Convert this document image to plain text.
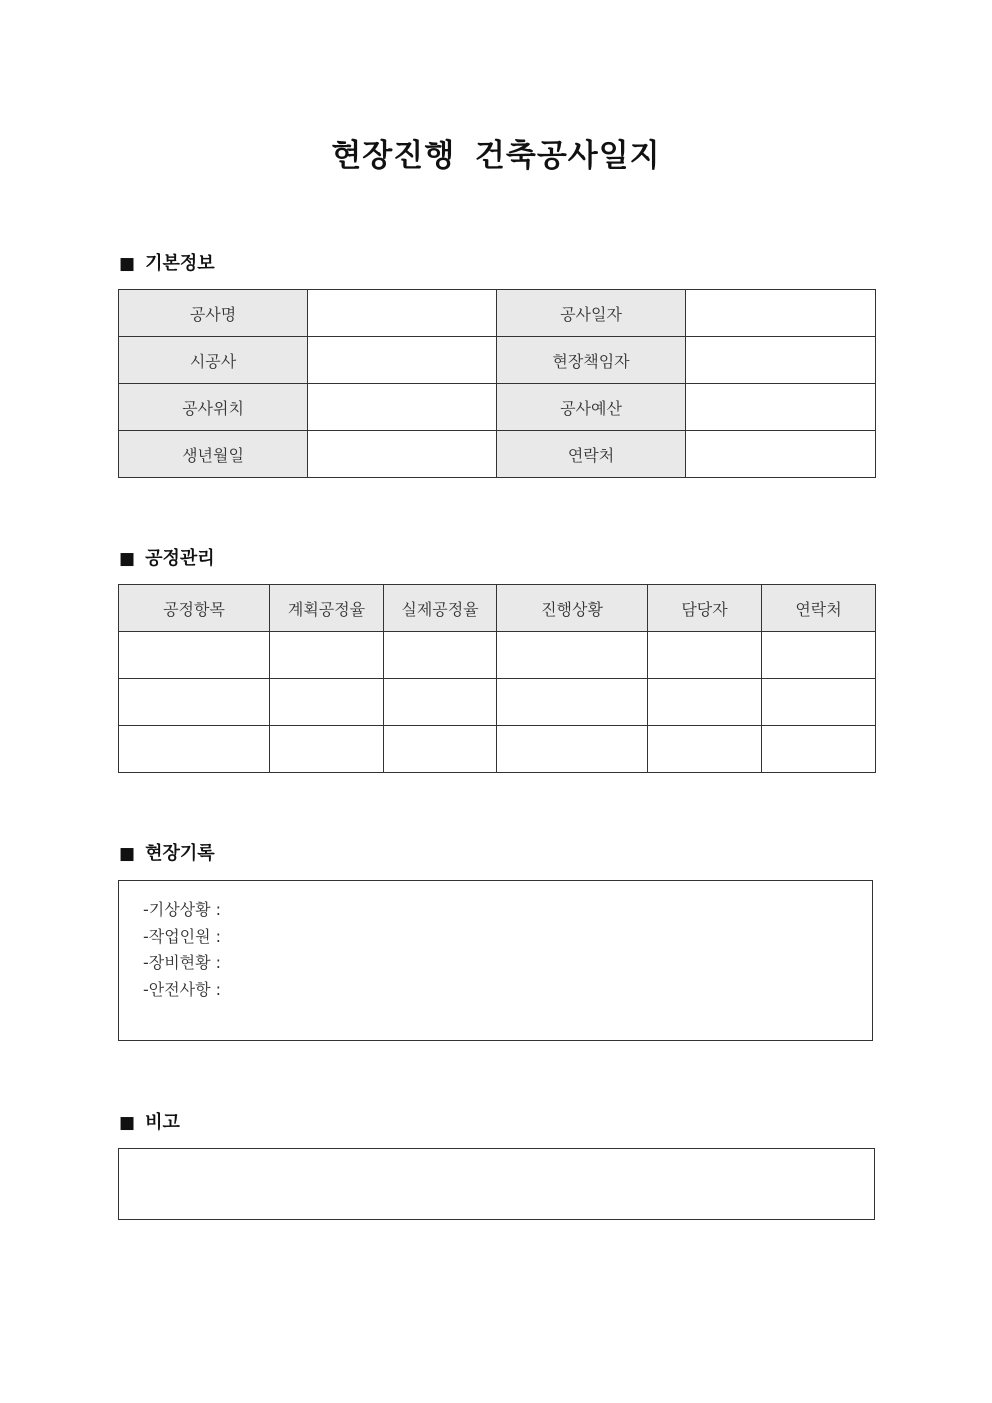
현장진행 건축공사일지
■ 기본정보
공사명		공사일자	
시공사		현장책임자	
공사위치		공사예산	
생년월일		연락처	
■ 공정관리
공정항목	계획공정율	실제공정율	진행상황	담당자	연락처

■ 현장기록
-기상상황 :
-작업인원 :
-장비현황 :
-안전사항 :
■ 비고
